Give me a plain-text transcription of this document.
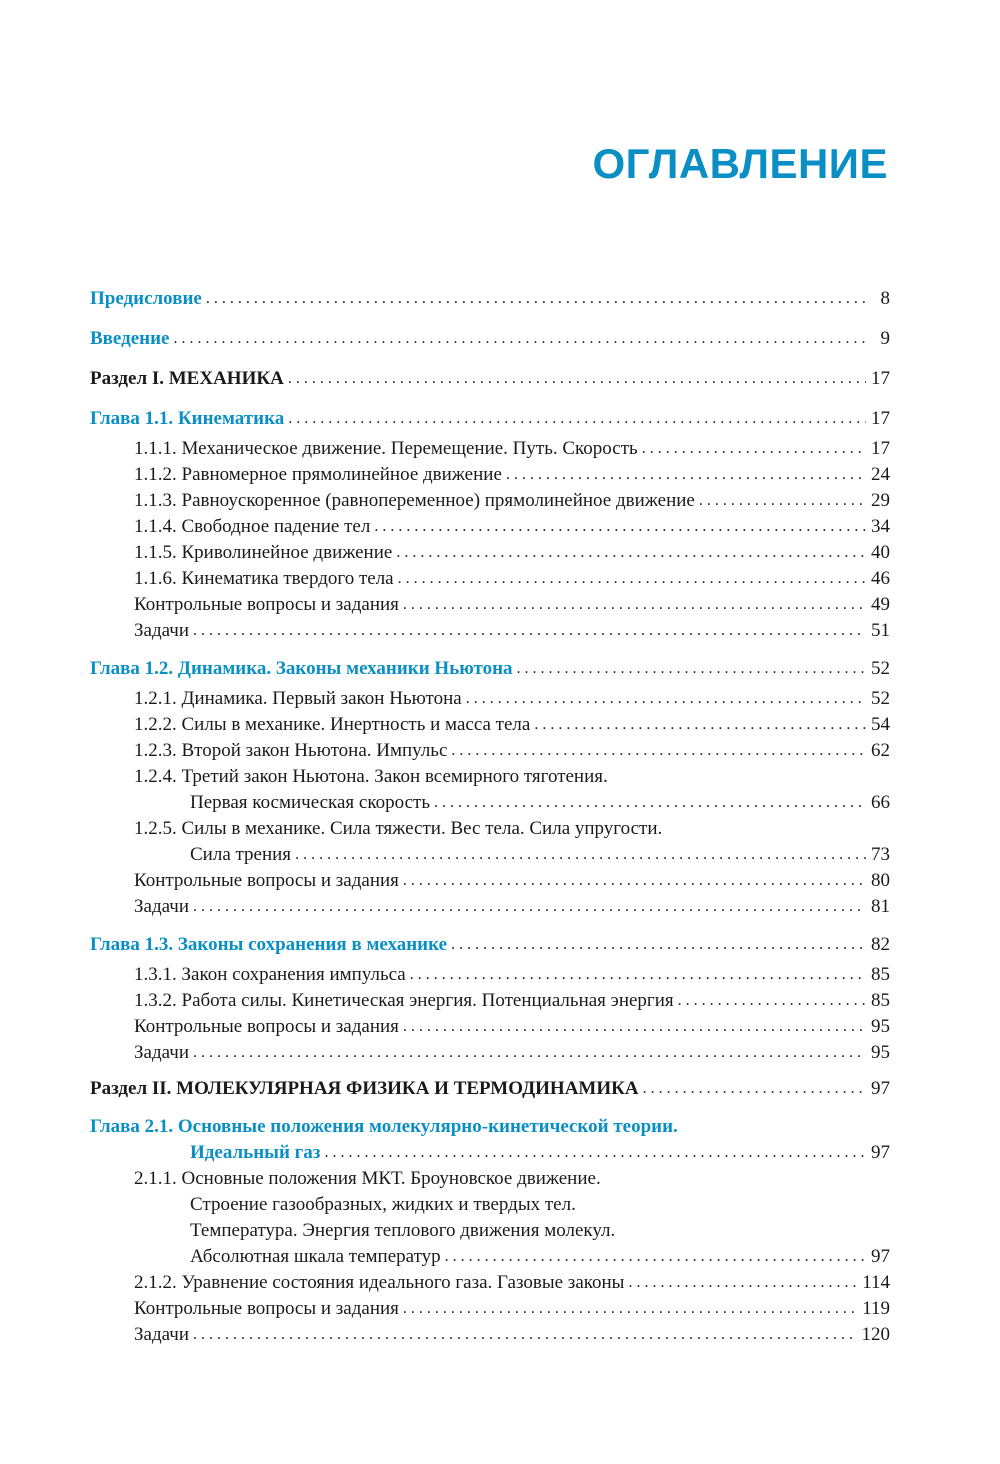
ОГЛАВЛЕНИЕ
Предисловие . . .	8
Введение . . .	9
Раздел I. МЕХАНИКА . . .	17
Глава 1.1. Кинематика . . .	17
1.1.1. Механическое движение. Перемещение. Путь. Скорость . . .	17
1.1.2. Равномерное прямолинейное движение . . .	24
1.1.3. Равноускоренное (равнопеременное) прямолинейное движение . . .	29
1.1.4. Свободное падение тел . . .	34
1.1.5. Криволинейное движение . . .	40
1.1.6. Кинематика твердого тела . . .	46
Контрольные вопросы и задания . . .	49
Задачи . . .	51
Глава 1.2. Динамика. Законы механики Ньютона . . .	52
1.2.1. Динамика. Первый закон Ньютона . . .	52
1.2.2. Силы в механике. Инертность и масса тела . . .	54
1.2.3. Второй закон Ньютона. Импульс . . .	62
1.2.4. Третий закон Ньютона. Закон всемирного тяготения.
Первая космическая скорость . . .	66
1.2.5. Силы в механике. Сила тяжести. Вес тела. Сила упругости.
Сила трения . . .	73
Контрольные вопросы и задания . . .	80
Задачи . . .	81
Глава 1.3. Законы сохранения в механике . . .	82
1.3.1. Закон сохранения импульса . . .	85
1.3.2. Работа силы. Кинетическая энергия. Потенциальная энергия . . .	85
Контрольные вопросы и задания . . .	95
Задачи . . .	95
Раздел II. МОЛЕКУЛЯРНАЯ ФИЗИКА И ТЕРМОДИНАМИКА . . .	97
Глава 2.1. Основные положения молекулярно-кинетической теории.
Идеальный газ . . .	97
2.1.1. Основные положения МКТ. Броуновское движение.
Строение газообразных, жидких и твердых тел.
Температура. Энергия теплового движения молекул.
Абсолютная шкала температур . . .	97
2.1.2. Уравнение состояния идеального газа. Газовые законы . . .	114
Контрольные вопросы и задания . . .	119
Задачи . . .	120
